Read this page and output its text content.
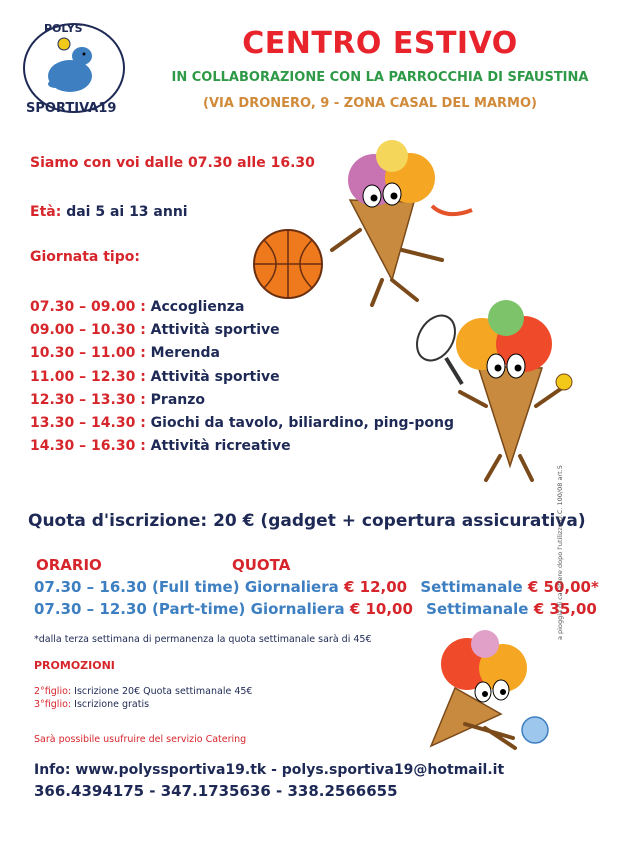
POLYS
SPORTIVA19
CENTRO ESTIVO
IN COLLABORAZIONE CON LA PARROCCHIA DI SFAUSTINA
(VIA DRONERO, 9 - ZONA CASAL DEL MARMO)
Siamo con voi dalle 07.30 alle 16.30
Età: dai 5 ai 13 anni
Giornata tipo:
07.30 – 09.00 : Accoglienza
09.00 – 10.30 : Attività sportive
10.30 – 11.00 : Merenda
11.00 – 12.30 : Attività sportive
12.30 – 13.30 : Pranzo
13.30 – 14.30 : Giochi da tavolo, biliardino, ping-pong
14.30 – 16.30 : Attività ricreative
Quota d'iscrizione: 20 € (gadget + copertura assicurativa)
ORARIO	QUOTA
07.30 – 16.30 (Full time) Giornaliera € 12,00 Settimanale € 50,00*
07.30 – 12.30 (Part-time) Giornaliera € 10,00 Settimanale € 35,00
*dalla terza settimana di permanenza la quota settimanale sarà di 45€
PROMOZIONI
2°figlio: Iscrizione 20€ Quota settimanale 45€
3°figlio: Iscrizione gratis
Sarà possibile usufruire del servizio Catering
a pioggia di carattere dopo l'utilizzo D.C. 100/08 art.5
Info: www.polyssportiva19.tk - polys.sportiva19@hotmail.it
366.4394175 - 347.1735636 - 338.2566655
